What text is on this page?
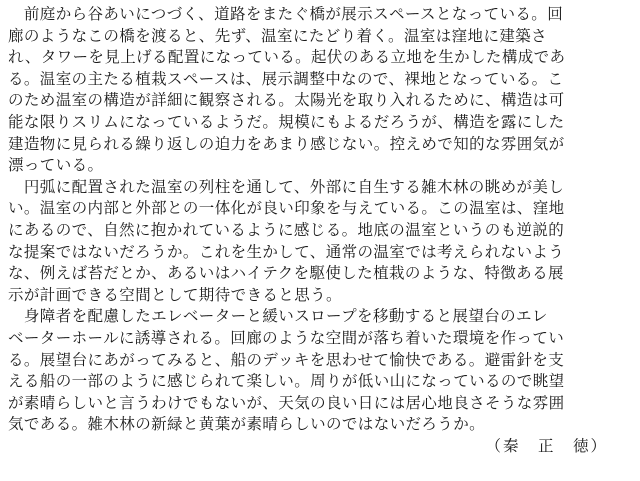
　前庭から谷あいにつづく、道路をまたぐ橋が展示スペースとなっている。回
廊のようなこの橋を渡ると、先ず、温室にたどり着く。温室は窪地に建築さ
れ、タワーを見上げる配置になっている。起伏のある立地を生かした構成であ
る。温室の主たる植栽スペースは、展示調整中なので、裸地となっている。こ
のため温室の構造が詳細に観察される。太陽光を取り入れるために、構造は可
能な限りスリムになっているようだ。規模にもよるだろうが、構造を露にした
建造物に見られる繰り返しの迫力をあまり感じない。控えめで知的な雰囲気が
漂っている。

　円弧に配置された温室の列柱を通して、外部に自生する雑木林の眺めが美し
い。温室の内部と外部との一体化が良い印象を与えている。この温室は、窪地
にあるので、自然に抱かれているように感じる。地底の温室というのも逆説的
な提案ではないだろうか。これを生かして、通常の温室では考えられないよう
な、例えば苔だとか、あるいはハイテクを駆使した植栽のような、特徴ある展
示が計画できる空間として期待できると思う。

　身障者を配慮したエレベーターと緩いスロープを移動すると展望台のエレ
ベーターホールに誘導される。回廊のような空間が落ち着いた環境を作ってい
る。展望台にあがってみると、船のデッキを思わせて愉快である。避雷針を支
える船の一部のように感じられて楽しい。周りが低い山になっているので眺望
が素晴らしいと言うわけでもないが、天気の良い日には居心地良さそうな雰囲
気である。雑木林の新緑と黄葉が素晴らしいのではないだろうか。

（秦　正　徳）
